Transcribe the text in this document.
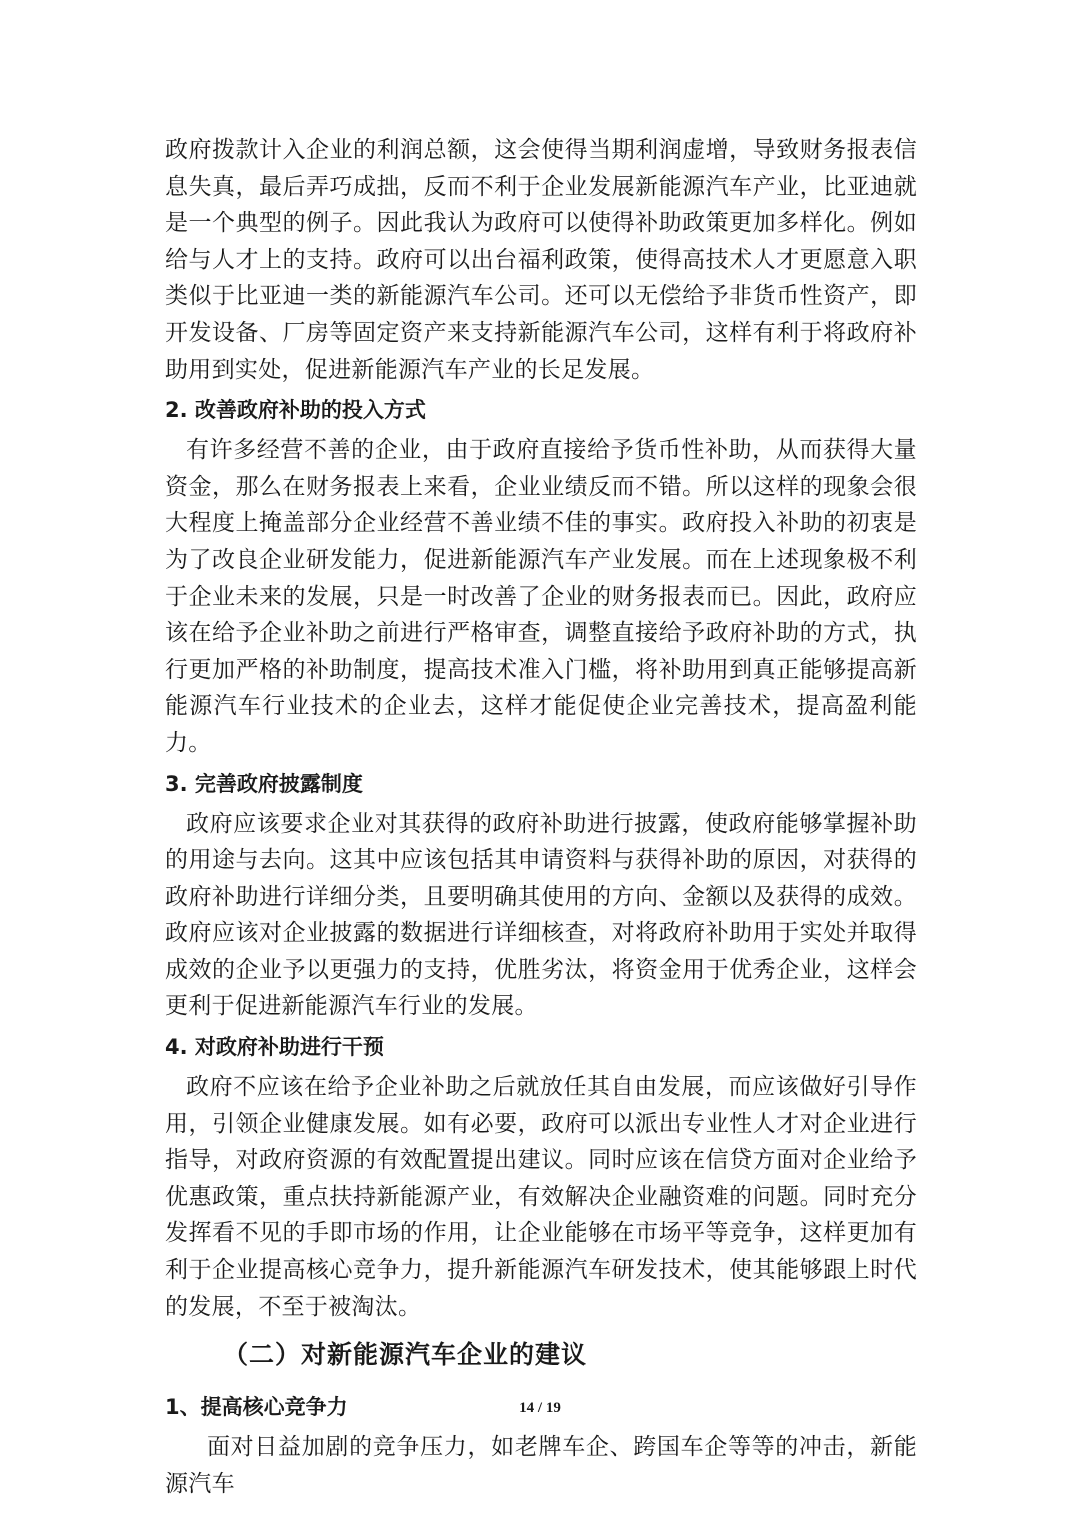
政府拨款计入企业的利润总额，这会使得当期利润虚增，导致财务报表信息失真，最后弄巧成拙，反而不利于企业发展新能源汽车产业，比亚迪就是一个典型的例子。因此我认为政府可以使得补助政策更加多样化。例如给与人才上的支持。政府可以出台福利政策，使得高技术人才更愿意入职类似于比亚迪一类的新能源汽车公司。还可以无偿给予非货币性资产，即开发设备、厂房等固定资产来支持新能源汽车公司，这样有利于将政府补助用到实处，促进新能源汽车产业的长足发展。

2. 改善政府补助的投入方式

有许多经营不善的企业，由于政府直接给予货币性补助，从而获得大量资金，那么在财务报表上来看，企业业绩反而不错。所以这样的现象会很大程度上掩盖部分企业经营不善业绩不佳的事实。政府投入补助的初衷是为了改良企业研发能力，促进新能源汽车产业发展。而在上述现象极不利于企业未来的发展，只是一时改善了企业的财务报表而已。因此，政府应该在给予企业补助之前进行严格审查，调整直接给予政府补助的方式，执行更加严格的补助制度，提高技术准入门槛，将补助用到真正能够提高新能源汽车行业技术的企业去，这样才能促使企业完善技术，提高盈利能力。

3. 完善政府披露制度

政府应该要求企业对其获得的政府补助进行披露，使政府能够掌握补助的用途与去向。这其中应该包括其申请资料与获得补助的原因，对获得的政府补助进行详细分类，且要明确其使用的方向、金额以及获得的成效。政府应该对企业披露的数据进行详细核查，对将政府补助用于实处并取得成效的企业予以更强力的支持，优胜劣汰，将资金用于优秀企业，这样会更利于促进新能源汽车行业的发展。

4. 对政府补助进行干预

政府不应该在给予企业补助之后就放任其自由发展，而应该做好引导作用，引领企业健康发展。如有必要，政府可以派出专业性人才对企业进行指导，对政府资源的有效配置提出建议。同时应该在信贷方面对企业给予优惠政策，重点扶持新能源产业，有效解决企业融资难的问题。同时充分发挥看不见的手即市场的作用，让企业能够在市场平等竞争，这样更加有利于企业提高核心竞争力，提升新能源汽车研发技术，使其能够跟上时代的发展，不至于被淘汰。

（二）对新能源汽车企业的建议
1、提高核心竞争力

面对日益加剧的竞争压力，如老牌车企、跨国车企等等的冲击，新能源汽车

14 / 19
